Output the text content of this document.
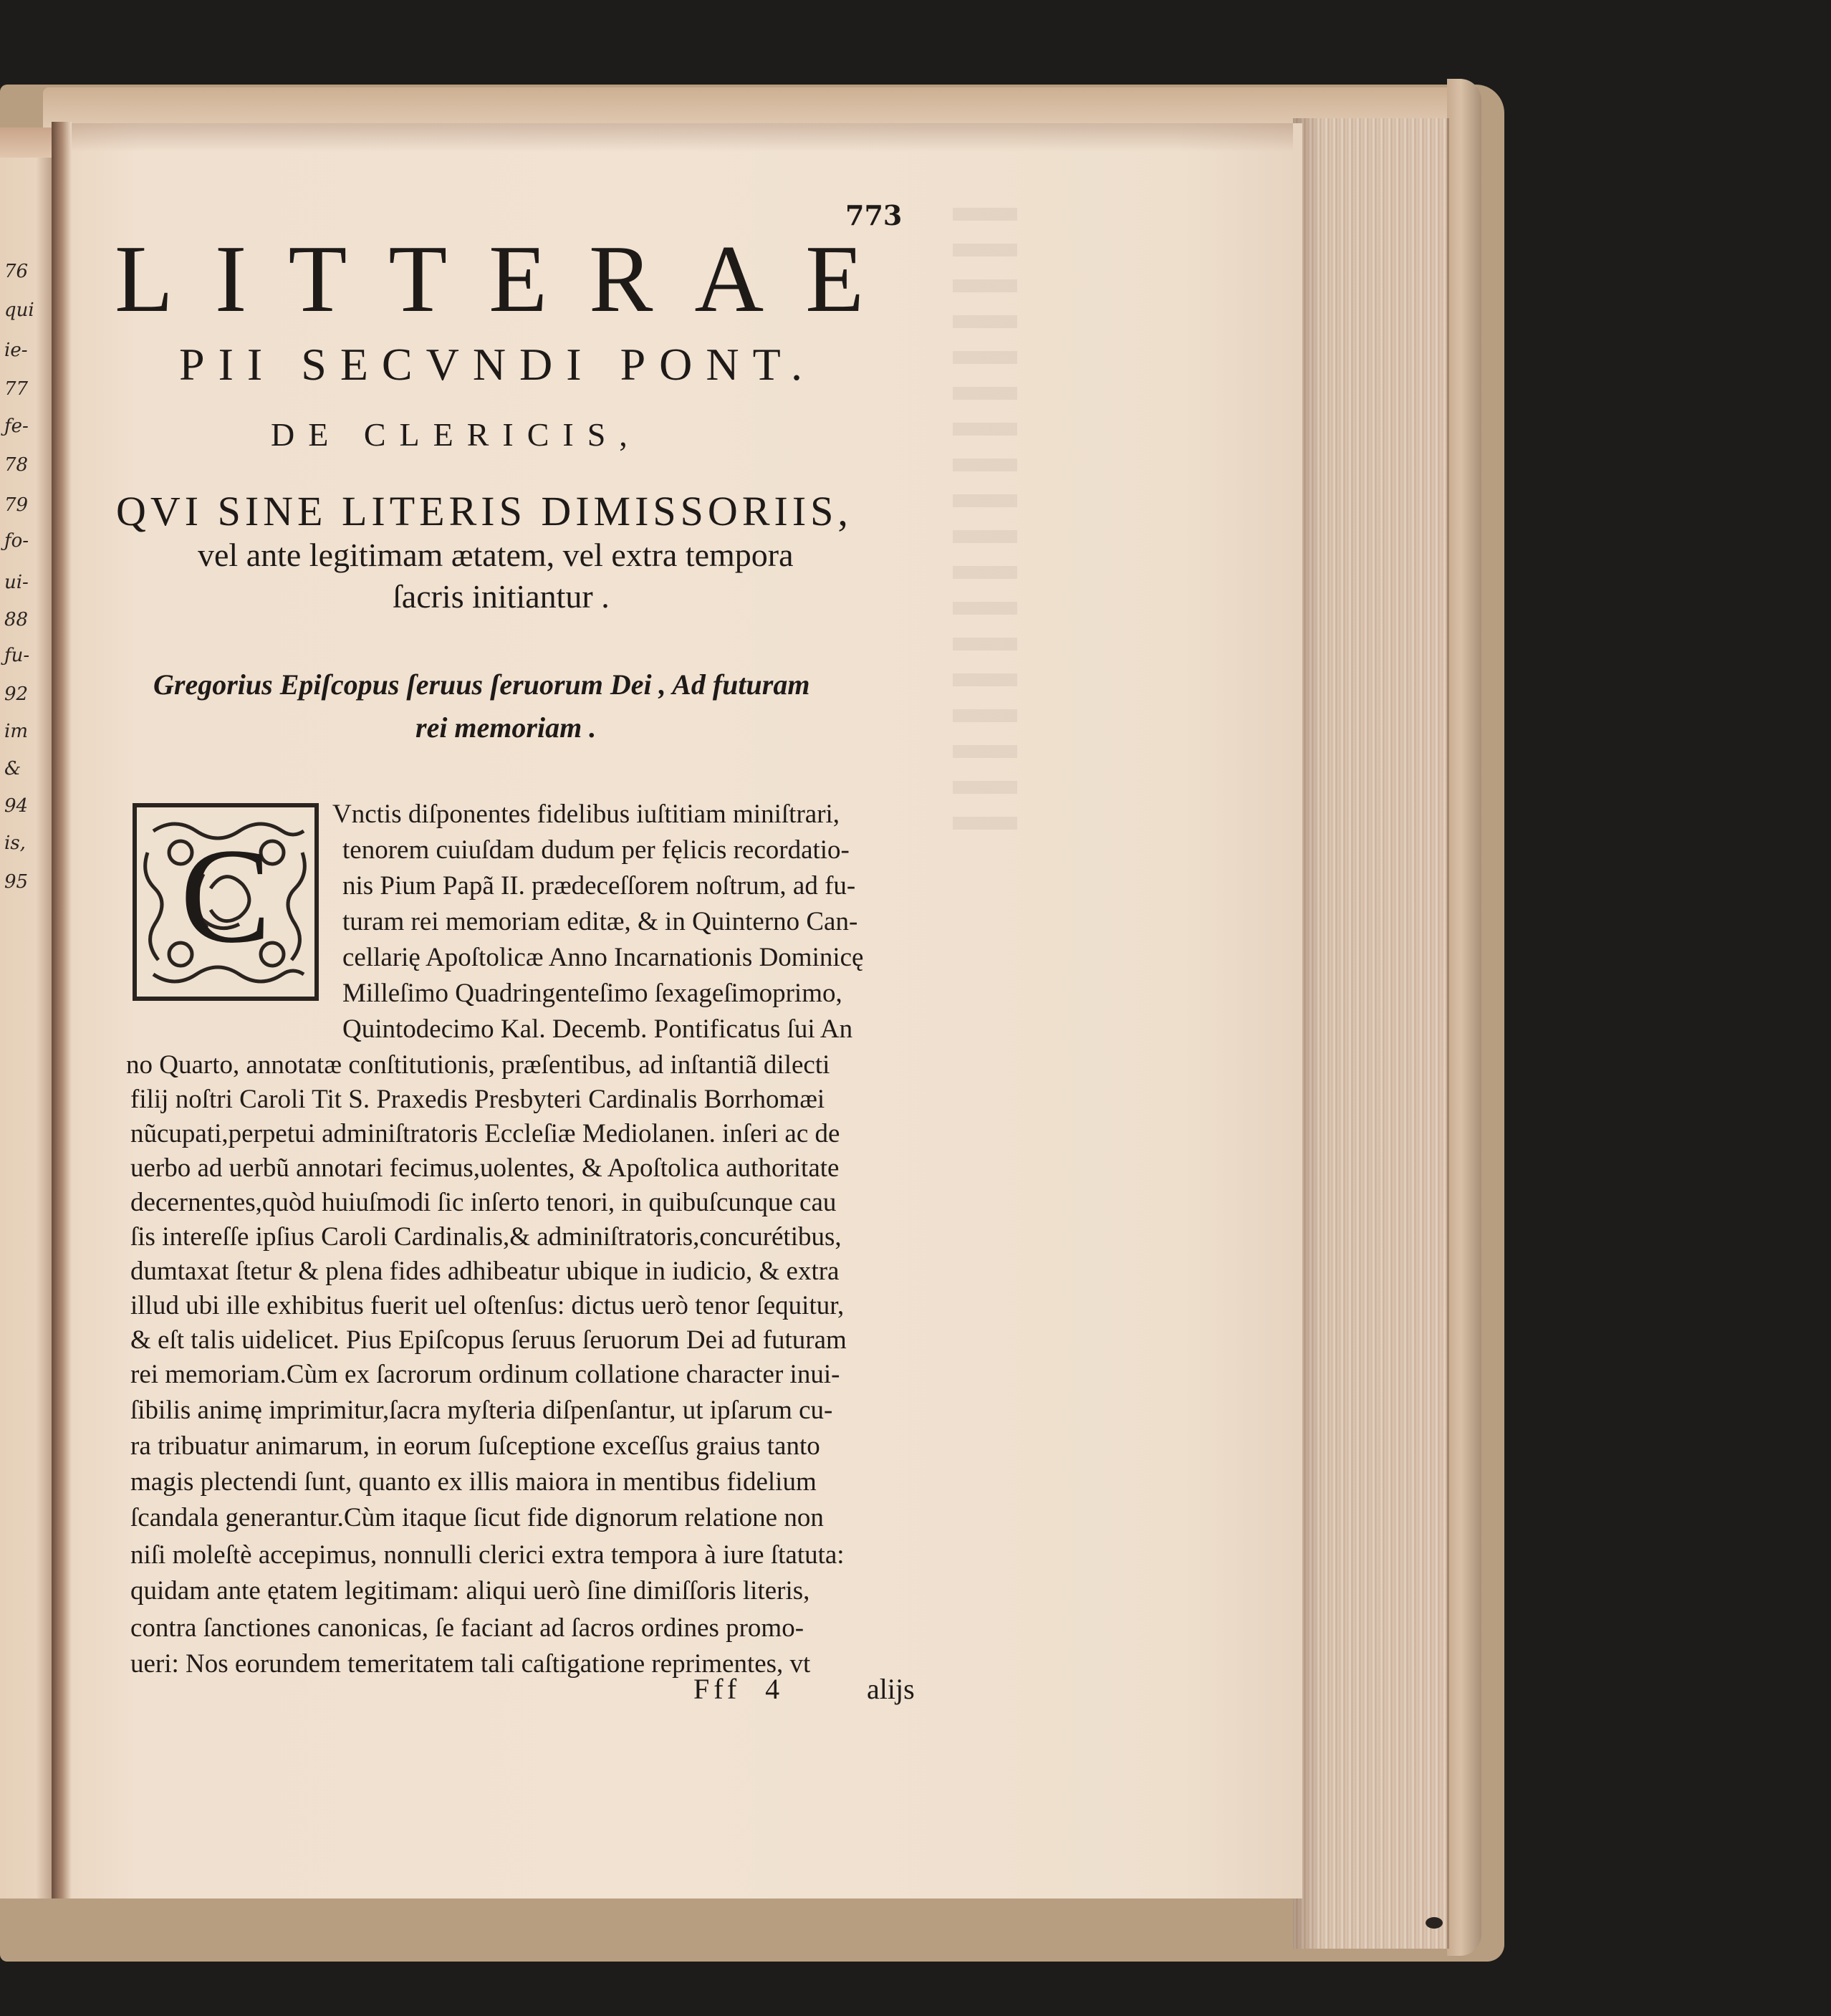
76
qui
ie-
77
ƒe-
78
79
ƒo-
ui-
88
ƒu-
92
im
&
94
is,
95
773
LITTERAE
PII SECVNDI PONT.
DE CLERICIS,
QVI SINE LITERIS DIMISSORIIS,
vel ante legitimam ætatem, vel extra tempora
ſacris initiantur .
Gregorius Epiſcopus ſeruus ſeruorum Dei , Ad futuram
rei memoriam .
C
Vnctis diſponentes fidelibus iuſtitiam miniſtrari,
tenorem cuiuſdam dudum per fęlicis recordatio-
nis Pium Papã II. prædeceſſorem noſtrum, ad fu-
turam rei memoriam editæ, & in Quinterno Can-
cellarię Apoſtolicæ Anno Incarnationis Dominicę
Milleſimo Quadringenteſimo ſexageſimoprimo,
Quintodecimo Kal. Decemb. Pontificatus ſui An
no Quarto, annotatæ conſtitutionis, præſentibus, ad inſtantiã dilecti
filij noſtri Caroli Tit S. Praxedis Presbyteri Cardinalis Borrhomæi
nũcupati,perpetui adminiſtratoris Eccleſiæ Mediolanen. inſeri ac de
uerbo ad uerbũ annotari fecimus,uolentes, & Apoſtolica authoritate
decernentes,quòd huiuſmodi ſic inſerto tenori, in quibuſcunque cau
ſis intereſſe ipſius Caroli Cardinalis,& adminiſtratoris,concurétibus,
dumtaxat ſtetur & plena fides adhibeatur ubique in iudicio, & extra
illud ubi ille exhibitus fuerit uel oſtenſus: dictus uerò tenor ſequitur,
& eſt talis uidelicet. Pius Epiſcopus ſeruus ſeruorum Dei ad futuram
rei memoriam.Cùm ex ſacrorum ordinum collatione character inui-
ſibilis animę imprimitur,ſacra myſteria diſpenſantur, ut ipſarum cu-
ra tribuatur animarum, in eorum ſuſceptione exceſſus graius tanto
magis plectendi ſunt, quanto ex illis maiora in mentibus fidelium
ſcandala generantur.Cùm itaque ſicut fide dignorum relatione non
niſi moleſtè accepimus, nonnulli clerici extra tempora à iure ſtatuta:
quidam ante ętatem legitimam: aliqui uerò ſine dimiſſoris literis,
contra ſanctiones canonicas, ſe faciant ad ſacros ordines promo-
ueri: Nos eorundem temeritatem tali caſtigatione reprimentes, vt
Fff 4	alijs
